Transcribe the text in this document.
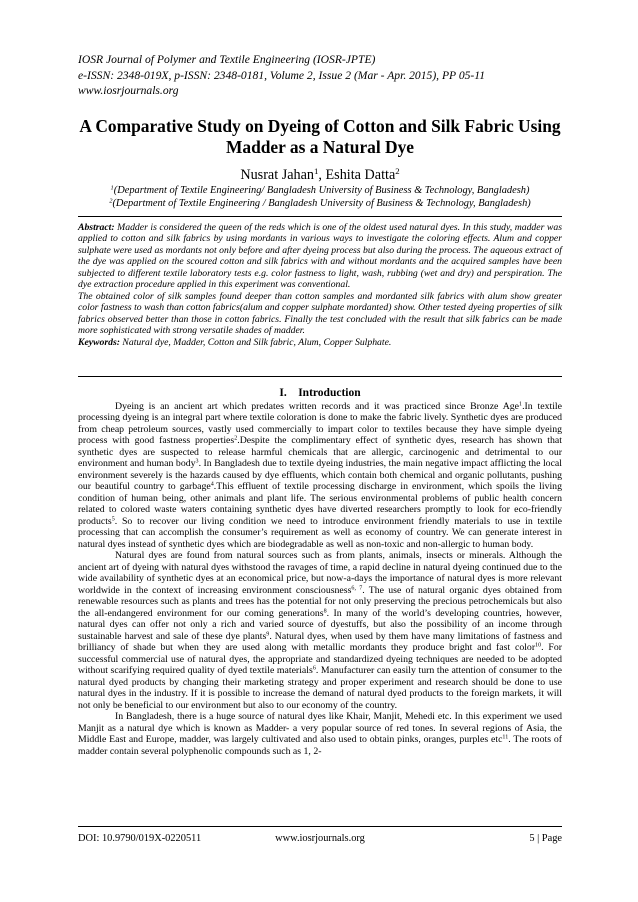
IOSR Journal of Polymer and Textile Engineering (IOSR-JPTE)
e-ISSN: 2348-019X, p-ISSN: 2348-0181, Volume 2, Issue 2 (Mar - Apr. 2015), PP 05-11
www.iosrjournals.org
A Comparative Study on Dyeing of Cotton and Silk Fabric Using
Madder as a Natural Dye
Nusrat Jahan$^1$, Eshita Datta$^2$
$^1$(Department of Textile Engineering/ Bangladesh University of Business & Technology, Bangladesh)
$^2$(Department of Textile Engineering / Bangladesh University of Business & Technology, Bangladesh)

Abstract: Madder is considered the queen of the reds which is one of the oldest used natural dyes. In this study, madder was applied to cotton and silk fabrics by using mordants in various ways to investigate the coloring effects. Alum and copper sulphate were used as mordants not only before and after dyeing process but also during the process. The aqueous extract of the dye was applied on the scoured cotton and silk fabrics with and without mordants and the acquired samples have been subjected to different textile laboratory tests e.g. color fastness to light, wash, rubbing (wet and dry) and perspiration. The dye extraction procedure applied in this experiment was conventional.

The obtained color of silk samples found deeper than cotton samples and mordanted silk fabrics with alum show greater color fastness to wash than cotton fabrics(alum and copper sulphate mordanted) show. Other tested dyeing properties of silk fabrics observed better than those in cotton fabrics. Finally the test concluded with the result that silk fabrics can be made more sophisticated with strong versatile shades of madder.

Keywords: Natural dye, Madder, Cotton and Silk fabric, Alum, Copper Sulphate.

I.    Introduction

Dyeing is an ancient art which predates written records and it was practiced since Bronze Age$^1$.In textile processing dyeing is an integral part where textile coloration is done to make the fabric lively. Synthetic dyes are produced from cheap petroleum sources, vastly used commercially to impart color to textiles because they have simple dyeing process with good fastness properties$^2$.Despite the complimentary effect of synthetic dyes, research has shown that synthetic dyes are suspected to release harmful chemicals that are allergic, carcinogenic and detrimental to our environment and human body$^3$. In Bangladesh due to textile dyeing industries, the main negative impact afflicting the local environment severely is the hazards caused by dye effluents, which contain both chemical and organic pollutants, pushing our beautiful country to garbage$^4$.This effluent of textile processing discharge in environment, which spoils the living condition of human being, other animals and plant life. The serious environmental problems of public health concern related to colored waste waters containing synthetic dyes have diverted researchers promptly to look for eco-friendly products$^5$. So to recover our living condition we need to introduce environment friendly materials to use in textile processing that can accomplish the consumer’s requirement as well as economy of country. We can generate interest in natural dyes instead of synthetic dyes which are biodegradable as well as non-toxic and non-allergic to human body.

Natural dyes are found from natural sources such as from plants, animals, insects or minerals. Although the ancient art of dyeing with natural dyes withstood the ravages of time, a rapid decline in natural dyeing continued due to the wide availability of synthetic dyes at an economical price, but now-a-days the importance of natural dyes is more relevant worldwide in the context of increasing environment consciousness$^{6, 7}$. The use of natural organic dyes obtained from renewable resources such as plants and trees has the potential for not only preserving the precious petrochemicals but also the all-endangered environment for our coming generations$^8$. In many of the world’s developing countries, however, natural dyes can offer not only a rich and varied source of dyestuffs, but also the possibility of an income through sustainable harvest and sale of these dye plants$^9$. Natural dyes, when used by them have many limitations of fastness and brilliancy of shade but when they are used along with metallic mordants they produce bright and fast color$^{10}$. For successful commercial use of natural dyes, the appropriate and standardized dyeing techniques are needed to be adopted without scarifying required quality of dyed textile materials$^6$. Manufacturer can easily turn the attention of consumer to the natural dyed products by changing their marketing strategy and proper experiment and research should be done to use natural dyes in the industry. If it is possible to increase the demand of natural dyed products to the foreign markets, it will not only be beneficial to our environment but also to our economy of the country.

In Bangladesh, there is a huge source of natural dyes like Khair, Manjit, Mehedi etc. In this experiment we used Manjit as a natural dye which is known as Madder- a very popular source of red tones. In several regions of Asia, the Middle East and Europe, madder, was largely cultivated and also used to obtain pinks, oranges, purples etc$^{11}$. The roots of madder contain several polyphenolic compounds such as 1, 2-

DOI: 10.9790/019X-0220511	www.iosrjournals.org	5 | Page
